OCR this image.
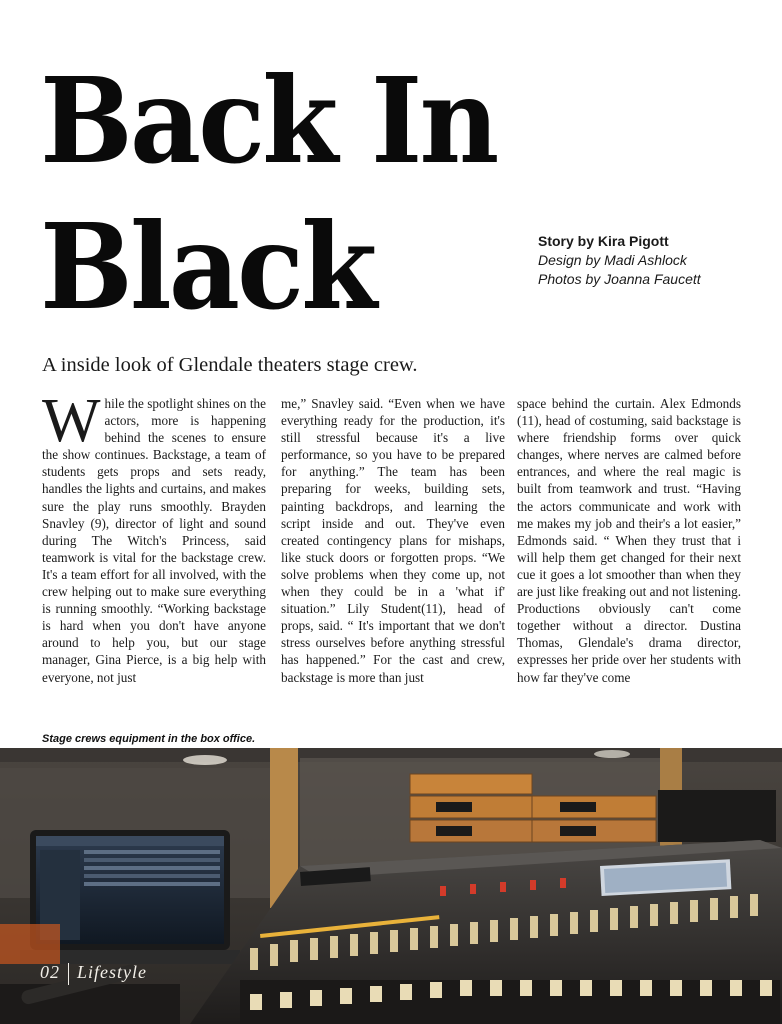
Back In
Black	Story by Kira Pigott
Design by Madi Ashlock
Photos by Joanna Faucett
A inside look of Glendale theaters stage crew.

W hile the spotlight shines on the actors, more is happening behind the scenes to ensure the show continues. Backstage, a team of students gets props and sets ready, handles the lights and curtains, and makes sure the play runs smoothly. Brayden Snavley (9), director of light and sound during The Witch's Princess, said teamwork is vital for the backstage crew. It's a team effort for all involved, with the crew helping out to make sure everything is running smoothly. “Working backstage is hard when you don't have anyone around to help you, but our stage manager, Gina Pierce, is a big help with everyone, not just

me,” Snavley said. “Even when we have everything ready for the production, it's still stressful because it's a live performance, so you have to be prepared for anything.” The team has been preparing for weeks, building sets, painting backdrops, and learning the script inside and out. They've even created contingency plans for mishaps, like stuck doors or forgotten props. “We solve problems when they come up, not when they could be in a 'what if' situation.” Lily Student(11), head of props, said. “ It's important that we don't stress ourselves before anything stressful has happened.” For the cast and crew, backstage is more than just

space behind the curtain. Alex Edmonds (11), head of costuming, said backstage is where friendship forms over quick changes, where nerves are calmed before entrances, and where the real magic is built from teamwork and trust. “Having the actors communicate and work with me makes my job and their's a lot easier,” Edmonds said. “ When they trust that i will help them get changed for their next cue it goes a lot smoother than when they are just like freaking out and not listening. Productions obviously can't come together without a director. Dustina Thomas, Glendale's drama director, expresses her pride over her students with how far they've come

Stage crews equipment in the box office.
02 Lifestyle
